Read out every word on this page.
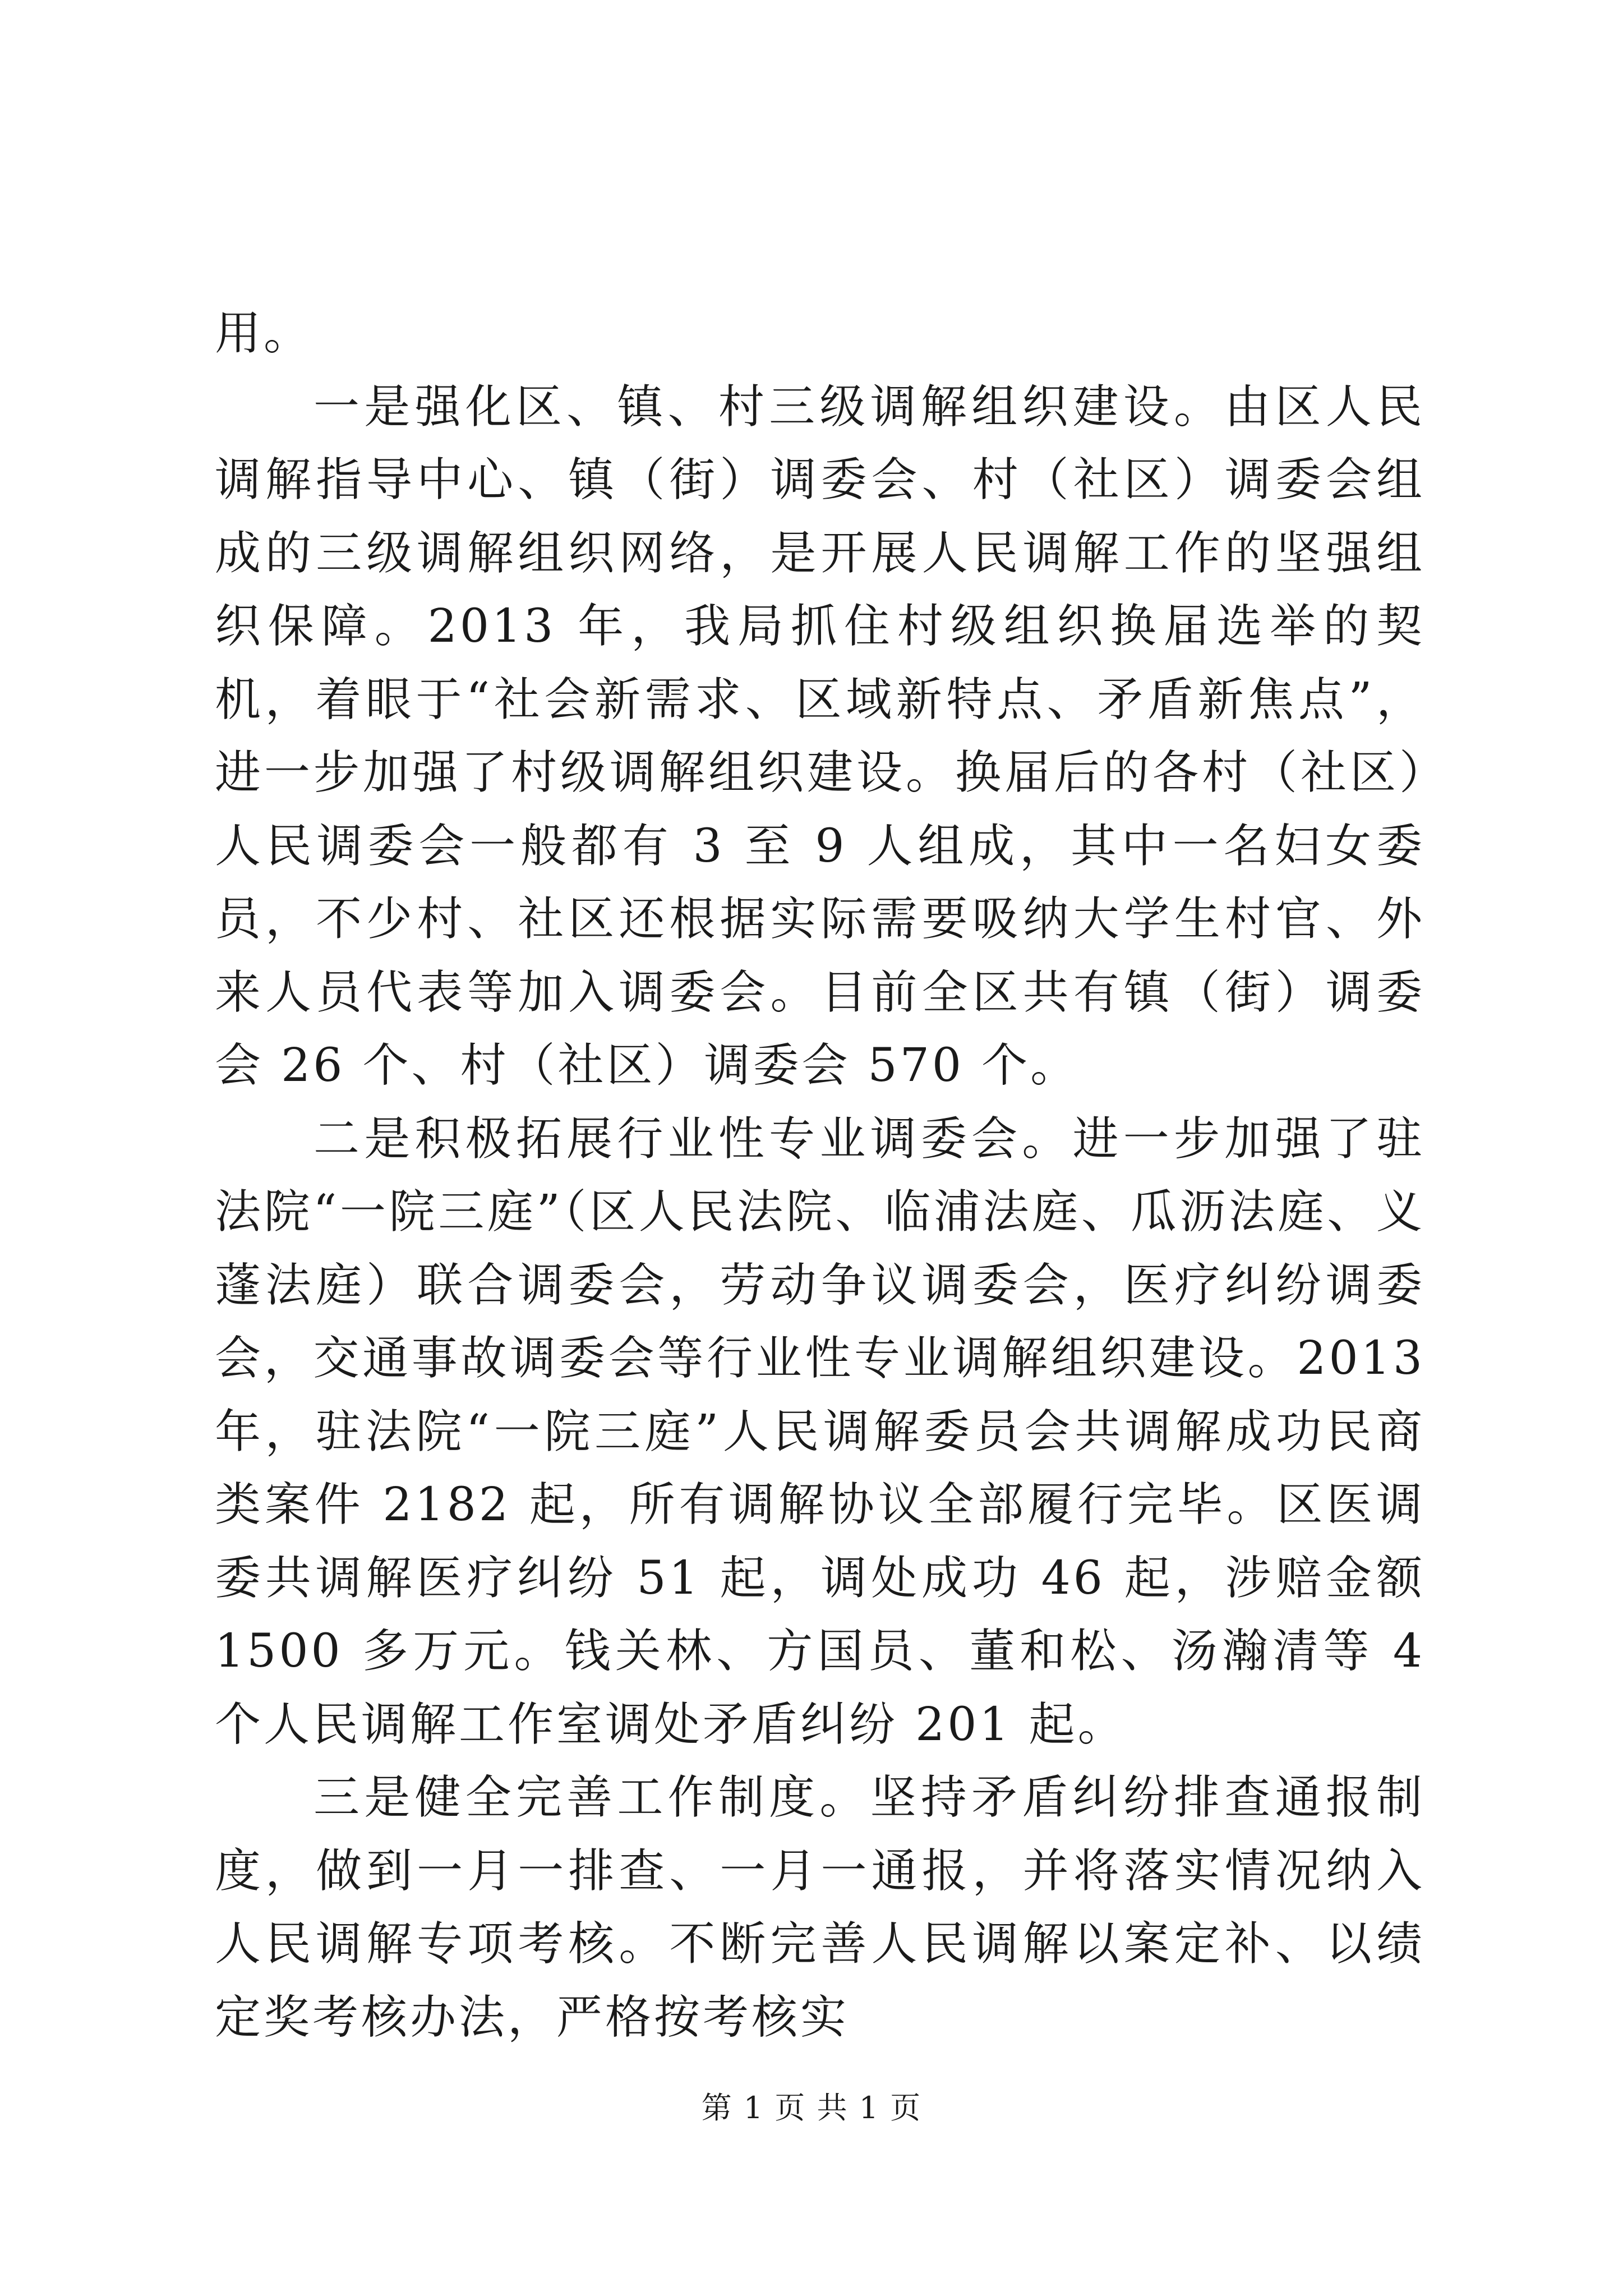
用。

一是强化区、镇、村三级调解组织建设。由区人民调解指导中心、镇（街）调委会、村（社区）调委会组成的三级调解组织网络，是开展人民调解工作的坚强组织保障。2013 年，我局抓住村级组织换届选举的契机，着眼于“社会新需求、区域新特点、矛盾新焦点”，进一步加强了村级调解组织建设。换届后的各村（社区）人民调委会一般都有 3 至 9 人组成，其中一名妇女委员，不少村、社区还根据实际需要吸纳大学生村官、外来人员代表等加入调委会。目前全区共有镇（街）调委会 26 个、村（社区）调委会 570 个。

二是积极拓展行业性专业调委会。进一步加强了驻法院“一院三庭”（区人民法院、临浦法庭、瓜沥法庭、义蓬法庭）联合调委会，劳动争议调委会，医疗纠纷调委会，交通事故调委会等行业性专业调解组织建设。2013 年，驻法院“一院三庭”人民调解委员会共调解成功民商类案件 2182 起，所有调解协议全部履行完毕。区医调委共调解医疗纠纷 51 起，调处成功 46 起，涉赔金额 1500 多万元。钱关林、方国员、董和松、汤瀚清等 4 个人民调解工作室调处矛盾纠纷 201 起。

三是健全完善工作制度。坚持矛盾纠纷排查通报制度，做到一月一排查、一月一通报，并将落实情况纳入人民调解专项考核。不断完善人民调解以案定补、以绩定奖考核办法，严格按考核实

第 1 页 共 1 页
